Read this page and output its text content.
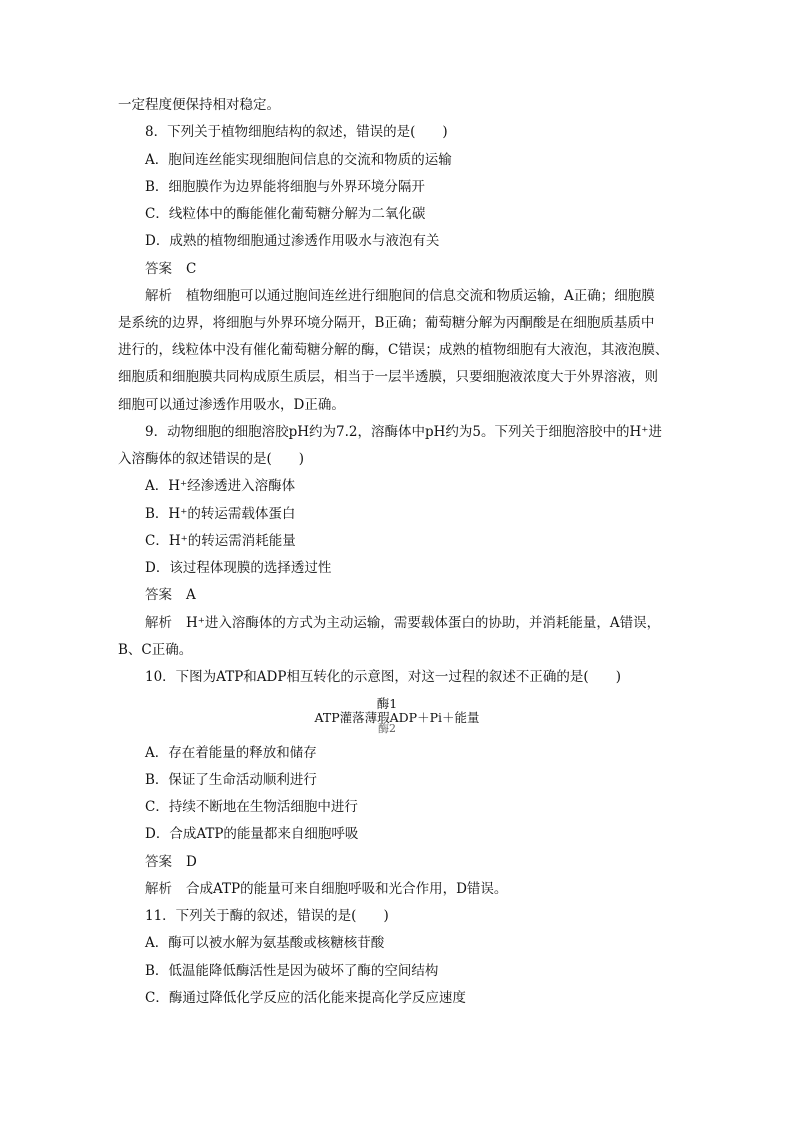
一定程度便保持相对稳定。
8．下列关于植物细胞结构的叙述，错误的是(　　)
A．胞间连丝能实现细胞间信息的交流和物质的运输
B．细胞膜作为边界能将细胞与外界环境分隔开
C．线粒体中的酶能催化葡萄糖分解为二氧化碳
D．成熟的植物细胞通过渗透作用吸水与液泡有关
答案 C
解析 植物细胞可以通过胞间连丝进行细胞间的信息交流和物质运输，A正确；细胞膜
是系统的边界，将细胞与外界环境分隔开，B正确；葡萄糖分解为丙酮酸是在细胞质基质中
进行的，线粒体中没有催化葡萄糖分解的酶，C错误；成熟的植物细胞有大液泡，其液泡膜、
细胞质和细胞膜共同构成原生质层，相当于一层半透膜，只要细胞液浓度大于外界溶液，则
细胞可以通过渗透作用吸水，D正确。
9．动物细胞的细胞溶胶pH约为7.2，溶酶体中pH约为5。下列关于细胞溶胶中的H⁺进
入溶酶体的叙述错误的是(　　)
A．H⁺经渗透进入溶酶体
B．H⁺的转运需载体蛋白
C．H⁺的转运需消耗能量
D．该过程体现膜的选择透过性
答案 A
解析 H⁺进入溶酶体的方式为主动运输，需要载体蛋白的协助，并消耗能量，A错误，
B、C正确。
10．下图为ATP和ADP相互转化的示意图，对这一过程的叙述不正确的是(　　)
酶1
ATP灌落薄瑕ADP＋Pi＋能量
酶2
A．存在着能量的释放和储存
B．保证了生命活动顺利进行
C．持续不断地在生物活细胞中进行
D．合成ATP的能量都来自细胞呼吸
答案 D
解析 合成ATP的能量可来自细胞呼吸和光合作用，D错误。
11．下列关于酶的叙述，错误的是(　　)
A．酶可以被水解为氨基酸或核糖核苷酸
B．低温能降低酶活性是因为破坏了酶的空间结构
C．酶通过降低化学反应的活化能来提高化学反应速度
